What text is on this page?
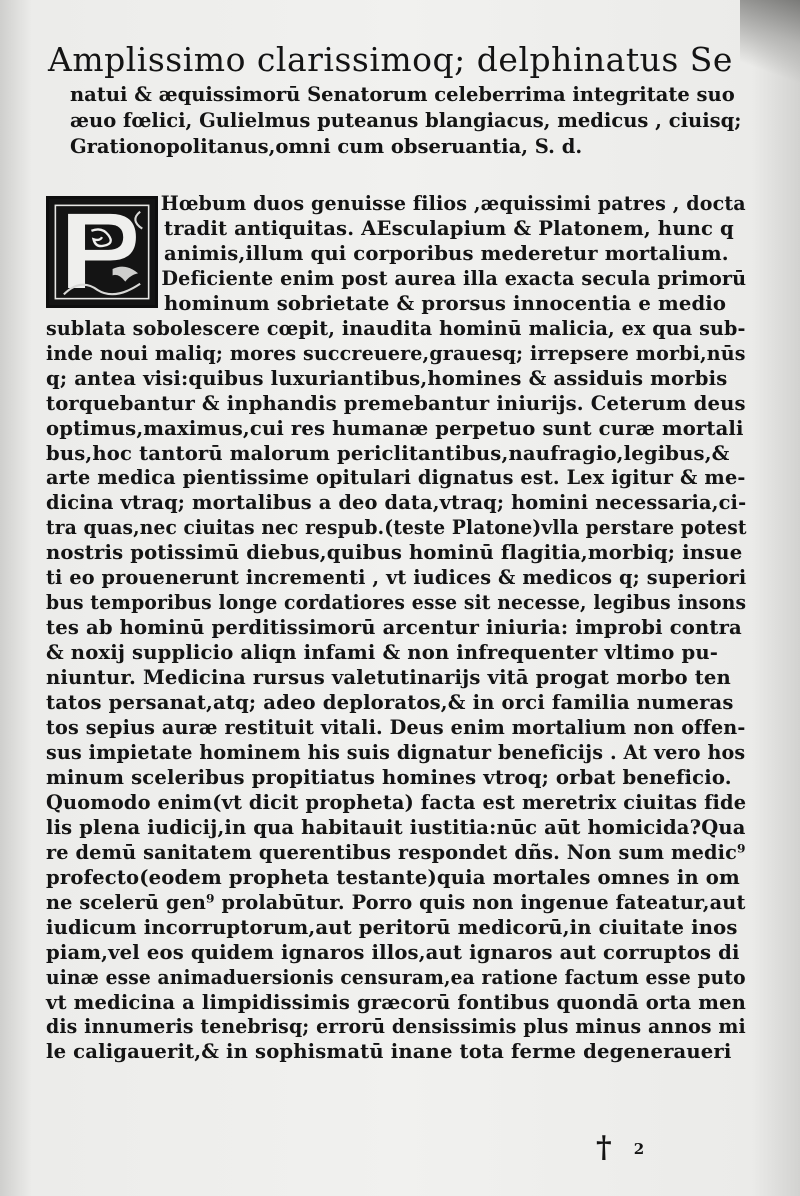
Amplissimo clarissimoq; delphinatus Se
natui & æquissimorū Senatorum celeberrima integritate suo
æuo fœlici, Gulielmus puteanus blangiacus, medicus , ciuisq;
Grationopolitanus,omni cum obseruantia, S. d.
Hœbum duos genuisse filios ,æquissimi patres , docta
tradit antiquitas. AEsculapium & Platonem, hunc q
animis,illum qui corporibus mederetur mortalium.
Deficiente enim post aurea illa exacta secula primorū
hominum sobrietate & prorsus innocentia e medio
sublata sobolescere cœpit, inaudita hominū malicia, ex qua sub-
inde noui maliq; mores succreuere,grauesq; irrepsere morbi,nūs
q; antea visi:quibus luxuriantibus,homines & assiduis morbis
torquebantur & inphandis premebantur iniurijs. Ceterum deus
optimus,maximus,cui res humanæ perpetuo sunt curæ mortali
bus,hoc tantorū malorum periclitantibus,naufragio,legibus,&
arte medica pientissime opitulari dignatus est. Lex igitur & me-
dicina vtraq; mortalibus a deo data,vtraq; homini necessaria,ci-
tra quas,nec ciuitas nec respub.(teste Platone)vlla perstare potest
nostris potissimū diebus,quibus hominū flagitia,morbiq; insue
ti eo prouenerunt incrementi , vt iudices & medicos q; superiori
bus temporibus longe cordatiores esse sit necesse, legibus insons
tes ab hominū perditissimorū arcentur iniuria: improbi contra
& noxij supplicio aliqn infami & non infrequenter vltimo pu-
niuntur. Medicina rursus valetutinarijs vitā progat morbo ten
tatos persanat,atq; adeo deploratos,& in orci familia numeras
tos sepius auræ restituit vitali. Deus enim mortalium non offen-
sus impietate hominem his suis dignatur beneficijs . At vero hos
minum sceleribus propitiatus homines vtroq; orbat beneficio.
Quomodo enim(vt dicit propheta) facta est meretrix ciuitas fide
lis plena iudicij,in qua habitauit iustitia:nūc aūt homicida?Qua
re demū sanitatem querentibus respondet dñs. Non sum medic⁹
profecto(eodem propheta testante)quia mortales omnes in om
ne scelerū gen⁹ prolabūtur. Porro quis non ingenue fateatur,aut
iudicum incorruptorum,aut peritorū medicorū,in ciuitate inos
piam,vel eos quidem ignaros illos,aut ignaros aut corruptos di
uinæ esse animaduersionis censuram,ea ratione factum esse puto
vt medicina a limpidissimis græcorū fontibus quondā orta men
dis innumeris tenebrisq; errorū densissimis plus minus annos mi
le caligauerit,& in sophismatū inane tota ferme degeneraueri
† 2
